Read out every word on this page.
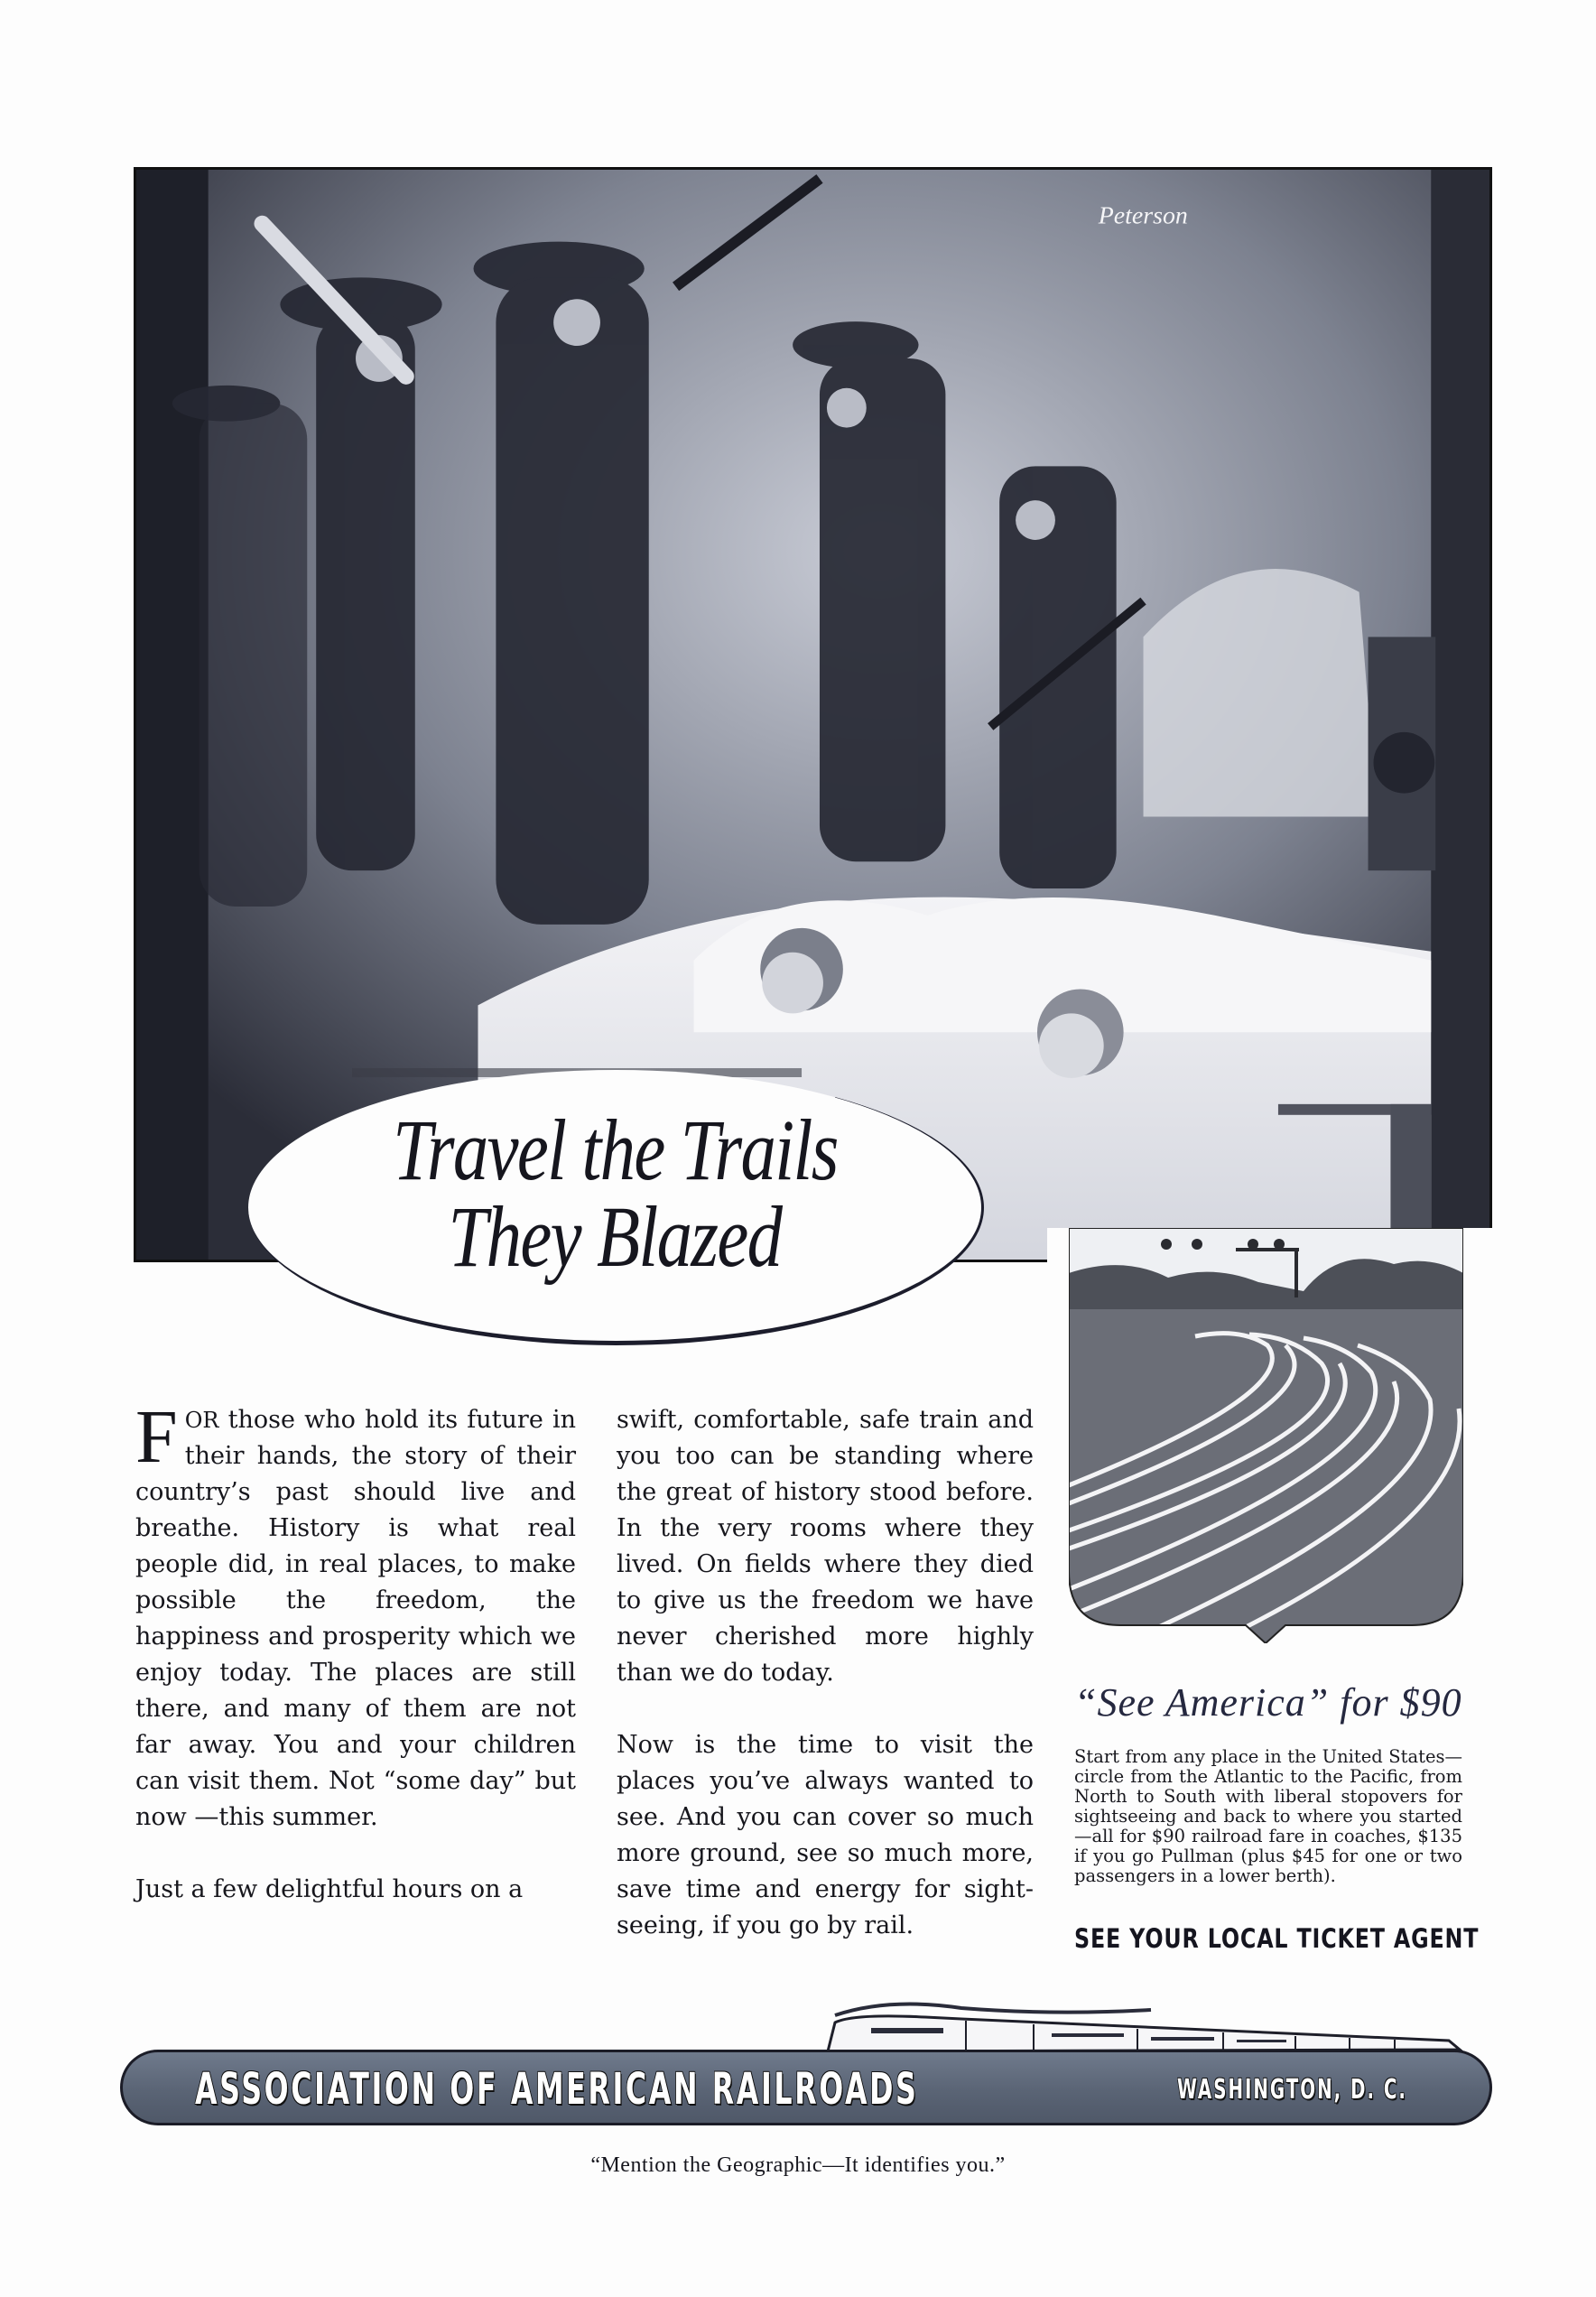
Peterson
Travel the Trails
They Blazed

FOR those who hold its future in their hands, the story of their country’s past should live and breathe. History is what real people did, in real places, to make possible the freedom, the happiness and prosperity which we enjoy today. The places are still there, and many of them are not far away. You and your children can visit them. Not “some day” but now —this summer.

Just a few delightful hours on a

swift, comfortable, safe train and you too can be standing where the great of history stood before. In the very rooms where they lived. On fields where they died to give us the freedom we have never cherished more highly than we do today.

Now is the time to visit the places you’ve always wanted to see. And you can cover so much more ground, see so much more, save time and energy for sight-seeing, if you go by rail.

“See America” for $90
Start from any place in the United States—circle from the Atlantic to the Pacific, from North to South with liberal stopovers for sightseeing and back to where you started—all for $90 railroad fare in coaches, $135 if you go Pullman (plus $45 for one or two passengers in a lower berth).
SEE YOUR LOCAL TICKET AGENT
ASSOCIATION OF AMERICAN RAILROADS	WASHINGTON, D. C.
“Mention the Geographic—It identifies you.”
